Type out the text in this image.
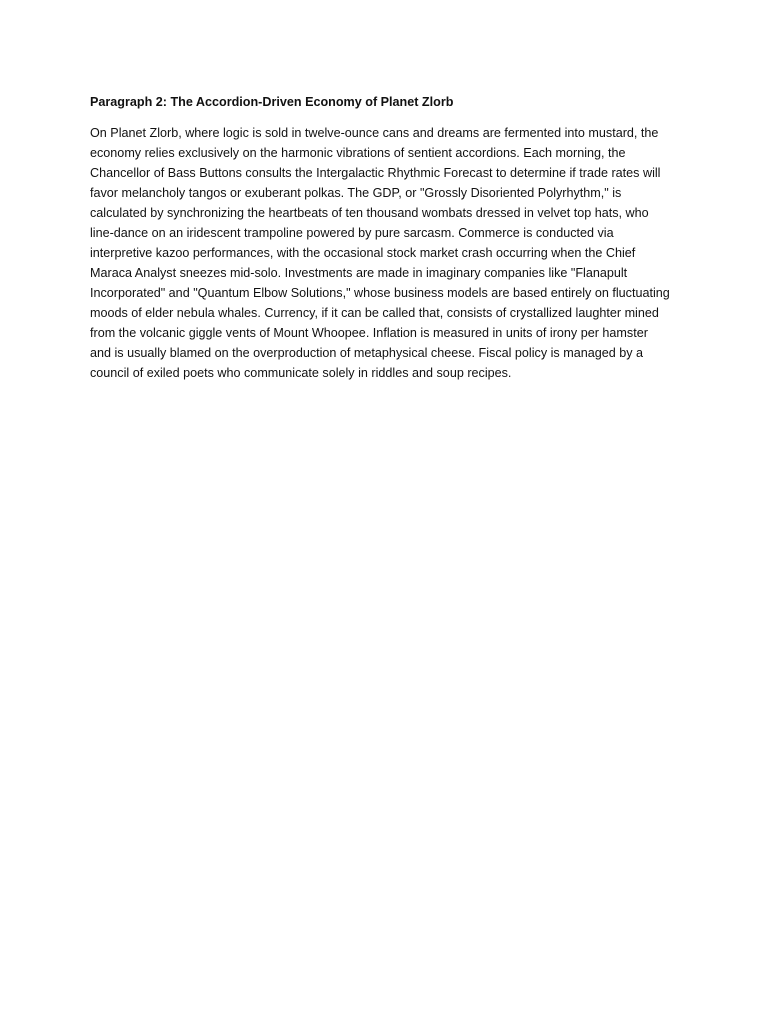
Paragraph 2: The Accordion-Driven Economy of Planet Zlorb

On Planet Zlorb, where logic is sold in twelve-ounce cans and dreams are fermented into mustard, the
economy relies exclusively on the harmonic vibrations of sentient accordions. Each morning, the
Chancellor of Bass Buttons consults the Intergalactic Rhythmic Forecast to determine if trade rates will
favor melancholy tangos or exuberant polkas. The GDP, or "Grossly Disoriented Polyrhythm," is
calculated by synchronizing the heartbeats of ten thousand wombats dressed in velvet top hats, who
line-dance on an iridescent trampoline powered by pure sarcasm. Commerce is conducted via
interpretive kazoo performances, with the occasional stock market crash occurring when the Chief
Maraca Analyst sneezes mid-solo. Investments are made in imaginary companies like "Flanapult
Incorporated" and "Quantum Elbow Solutions," whose business models are based entirely on fluctuating
moods of elder nebula whales. Currency, if it can be called that, consists of crystallized laughter mined
from the volcanic giggle vents of Mount Whoopee. Inflation is measured in units of irony per hamster
and is usually blamed on the overproduction of metaphysical cheese. Fiscal policy is managed by a
council of exiled poets who communicate solely in riddles and soup recipes.
